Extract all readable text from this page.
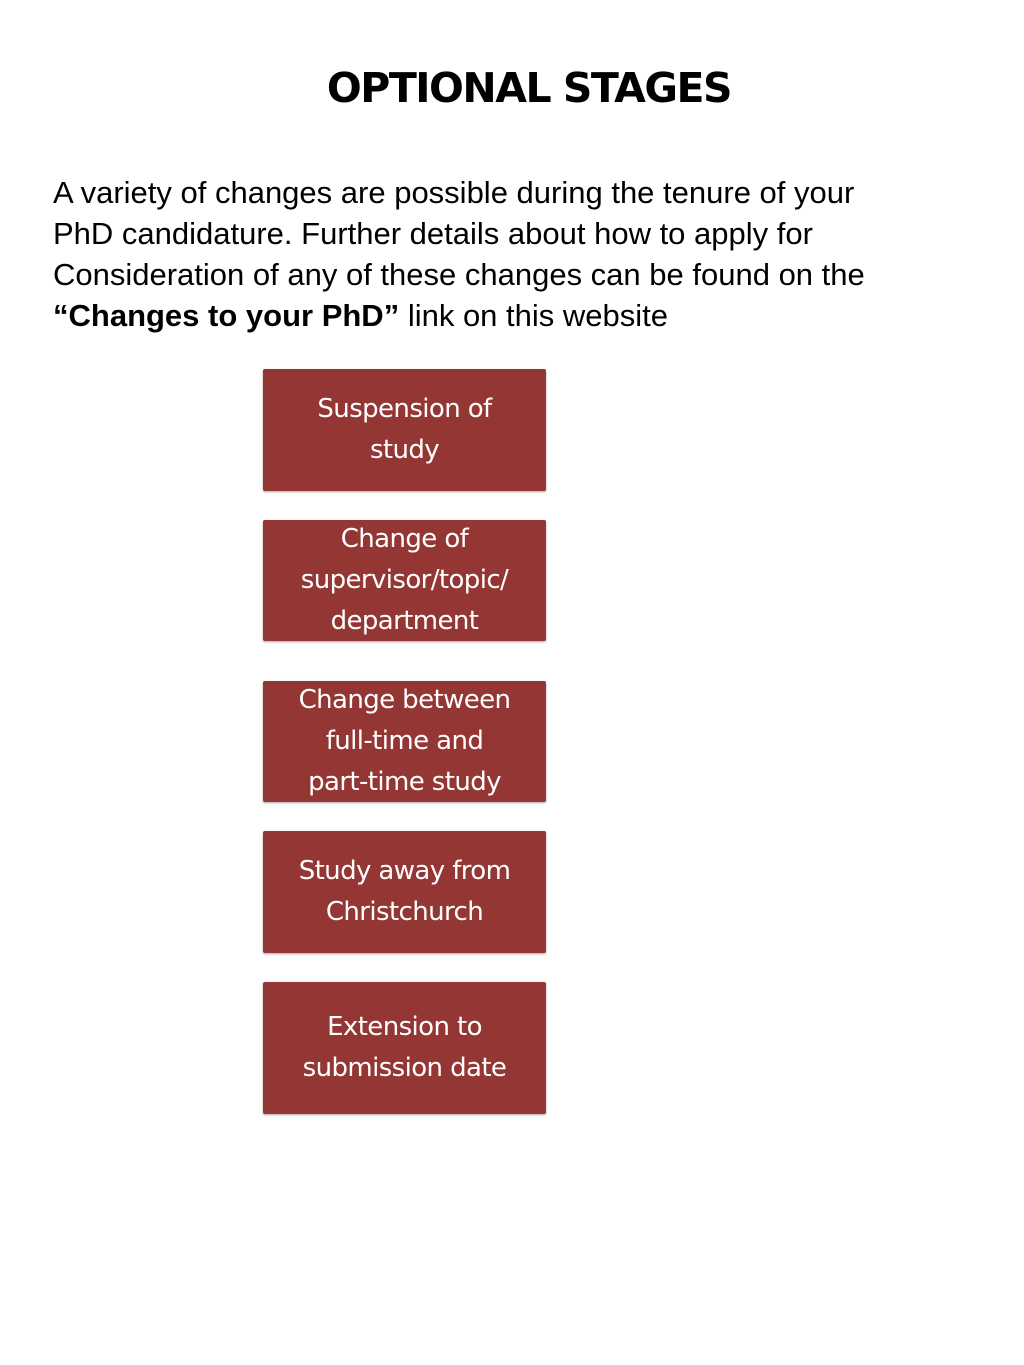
OPTIONAL STAGES

A variety of changes are possible during the tenure of your
PhD candidature. Further details about how to apply for
Consideration of any of these changes can be found on the
“Changes to your PhD” link on this website

Suspension of
study
Change of
supervisor/topic/
department
Change between
full-time and
part-time study
Study away from
Christchurch
Extension to
submission date
